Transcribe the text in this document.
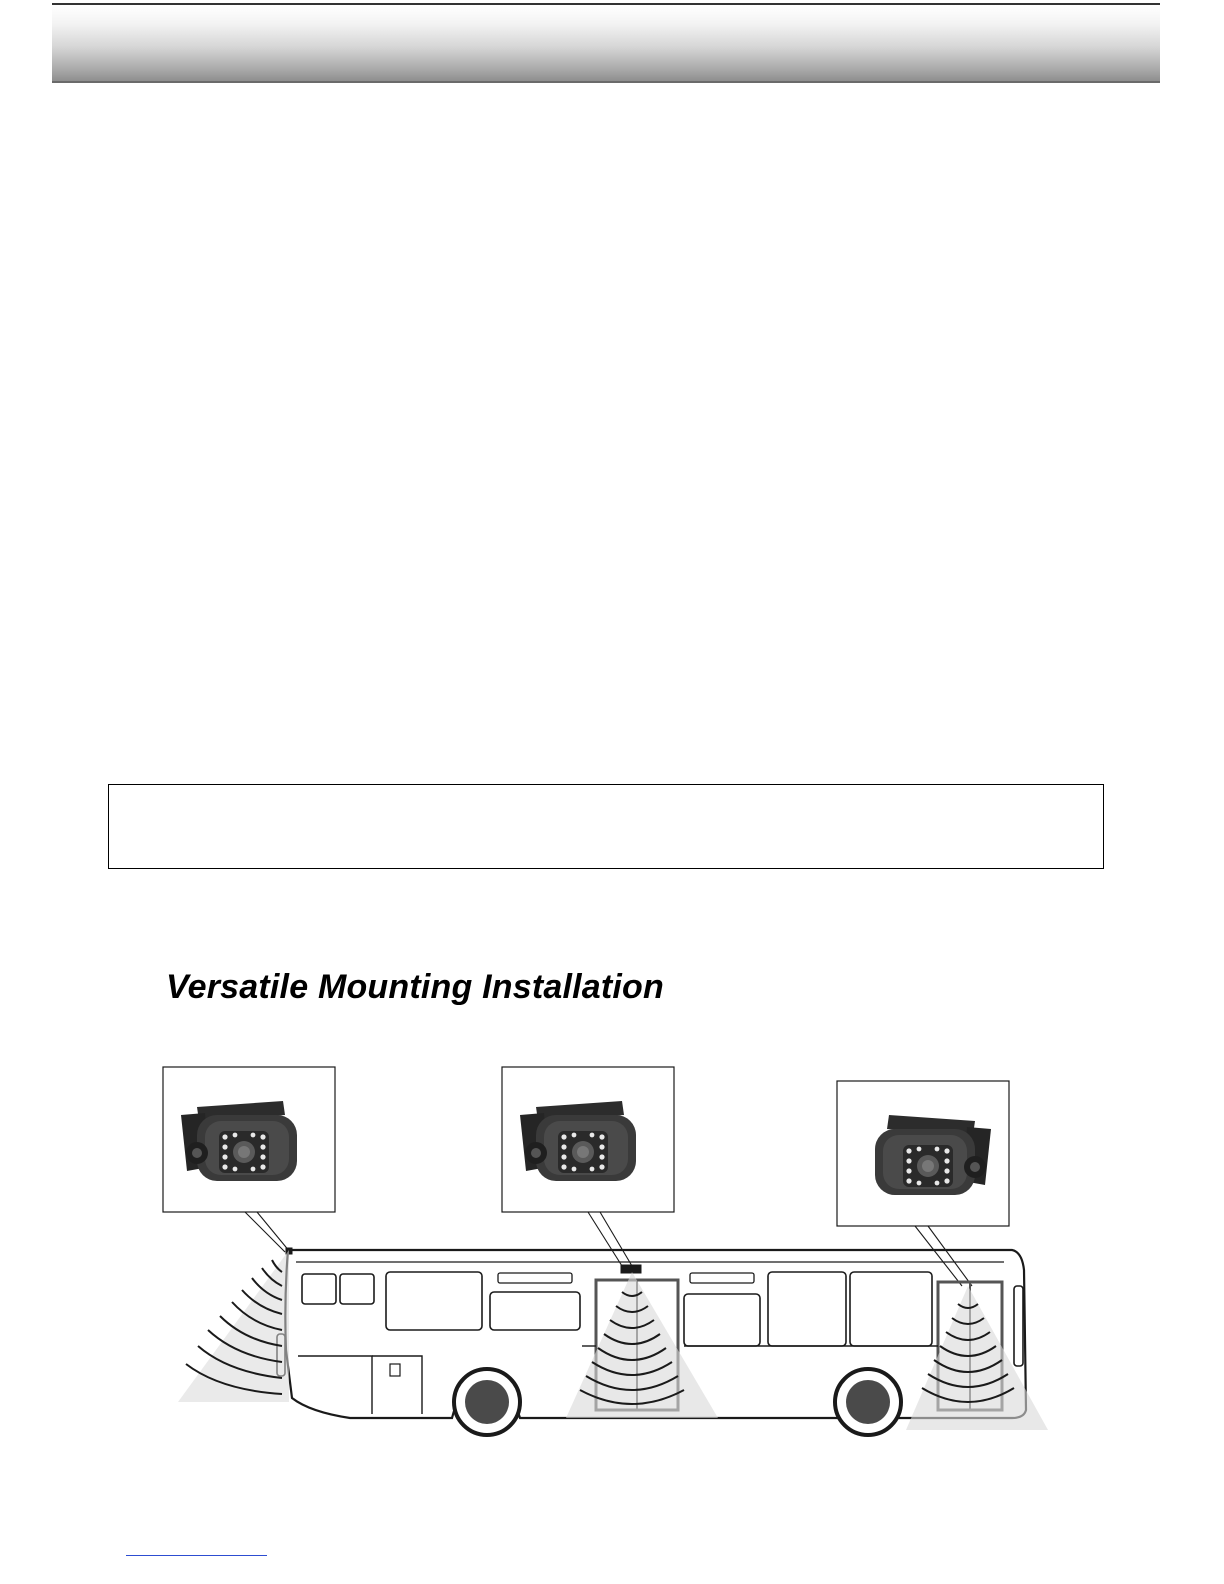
Versatile Mounting Installation
